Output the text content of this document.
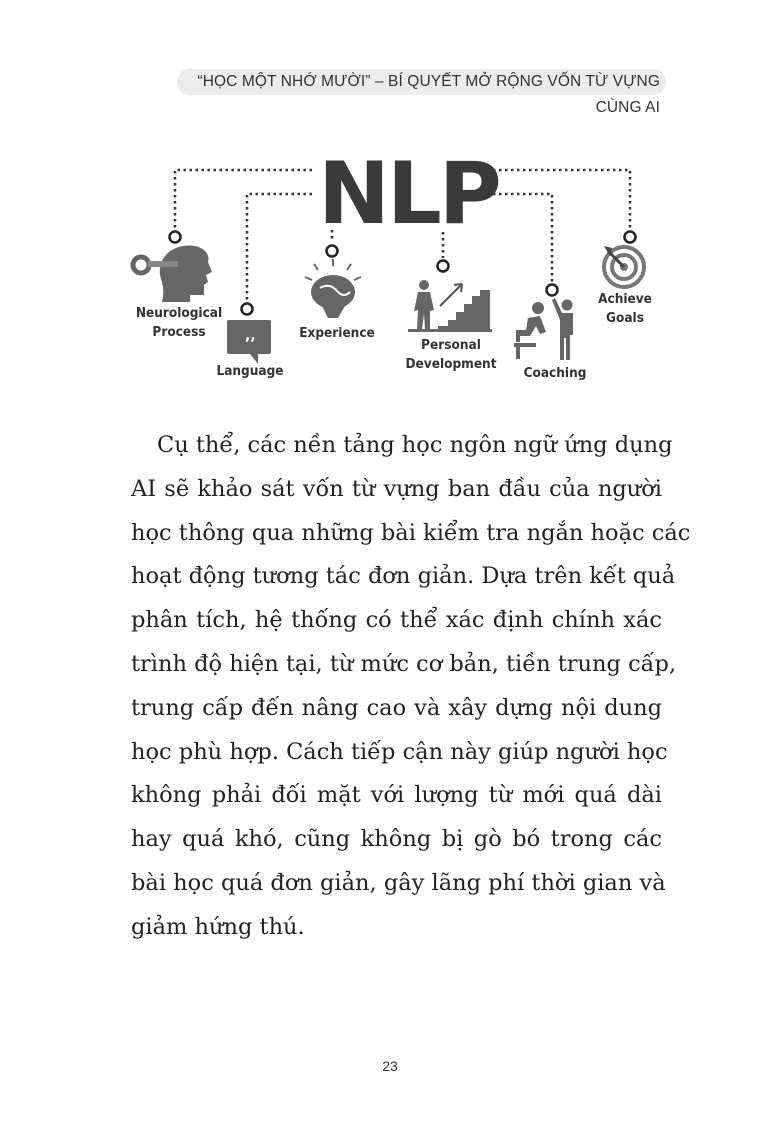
“HỌC MỘT NHỚ MƯỜI” – BÍ QUYẾT MỞ RỘNG VỐN TỪ VỰNG CÙNG AI
,,
NLP
Neurological
Process
Language
Experience
Personal
Development
Coaching
Achieve
Goals
Cụ thể, các nền tảng học ngôn ngữ ứng dụng
AI sẽ khảo sát vốn từ vựng ban đầu của người
học thông qua những bài kiểm tra ngắn hoặc các
hoạt động tương tác đơn giản. Dựa trên kết quả
phân tích, hệ thống có thể xác định chính xác
trình độ hiện tại, từ mức cơ bản, tiền trung cấp,
trung cấp đến nâng cao và xây dựng nội dung
học phù hợp. Cách tiếp cận này giúp người học
không phải đối mặt với lượng từ mới quá dài
hay quá khó, cũng không bị gò bó trong các
bài học quá đơn giản, gây lãng phí thời gian và
giảm hứng thú.
23
